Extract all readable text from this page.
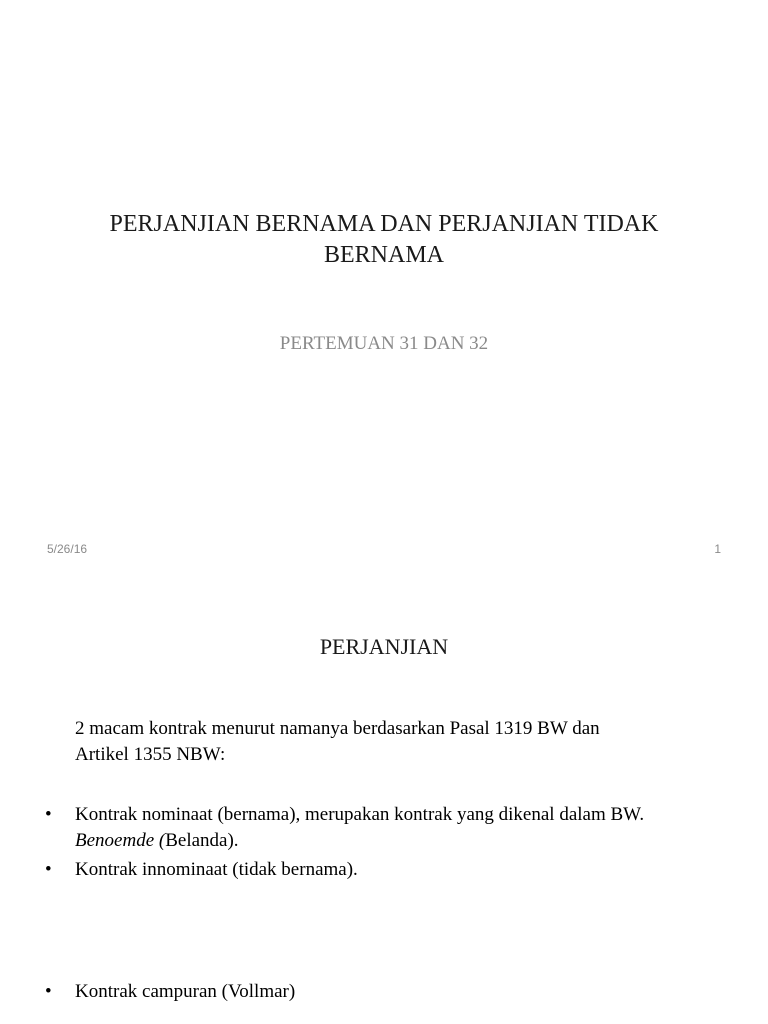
PERJANJIAN BERNAMA DAN PERJANJIAN TIDAK
BERNAMA
PERTEMUAN 31 DAN 32
5/26/16	1
PERJANJIAN
2 macam kontrak menurut namanya berdasarkan Pasal 1319 BW dan
Artikel 1355 NBW:
• Kontrak nominaat (bernama), merupakan kontrak yang dikenal dalam BW.
Benoemde (Belanda).
• Kontrak innominaat (tidak bernama).
• Kontrak campuran (Vollmar)
